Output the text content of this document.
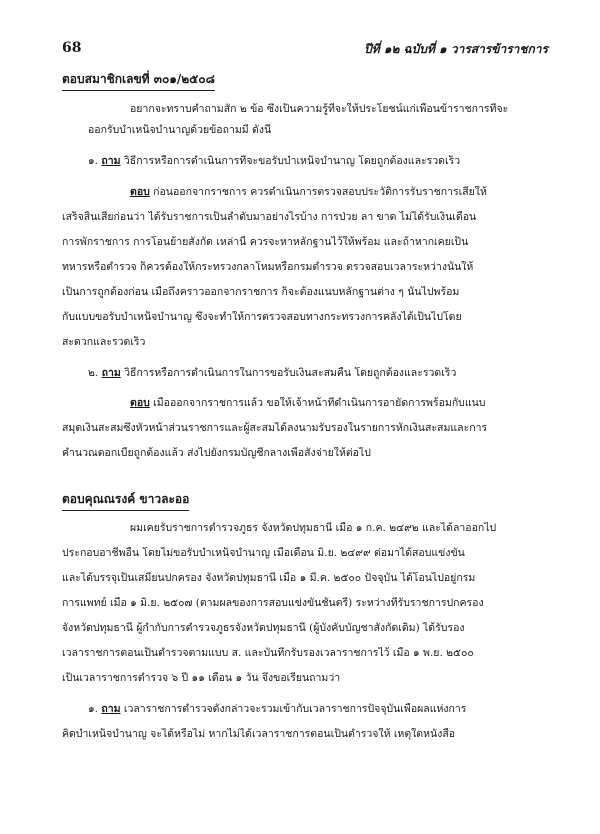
68	ปีที่ ๑๒ ฉบับที่ ๑ วารสารข้าราชการ
ตอบสมาชิกเลขที่ ๓๐๑/๒๕๐๘
อยากจะทราบคำถามสัก ๒ ข้อ ซึ่งเป็นความรู้ที่จะให้ประโยชน์แก่เพื่อนข้าราชการที่จะ
ออกรับบำเหน็จบำนาญด้วยข้อถามมี ดังนี้
๑. ถาม วิธีการหรือการดำเนินการที่จะขอรับบำเหน็จบำนาญ โดยถูกต้องและรวดเร็ว
ตอบ ก่อนออกจากราชการ ควรดำเนินการตรวจสอบประวัติการรับราชการเสียให้
เสร็จสิ้นเสียก่อนว่า ได้รับราชการเป็นลำดับมาอย่างไรบ้าง การป่วย ลา ขาด ไม่ได้รับเงินเดือน
การพักราชการ การโอนย้ายสังกัด เหล่านี้ ควรจะหาหลักฐานไว้ให้พร้อม และถ้าหากเคยเป็น
ทหารหรือตำรวจ ก็ควรต้องให้กระทรวงกลาโหมหรือกรมตำรวจ ตรวจสอบเวลาระหว่างนั้นให้
เป็นการถูกต้องก่อน เมื่อถึงคราวออกจากราชการ ก็จะต้องแนบหลักฐานต่าง ๆ นั้นไปพร้อม
กับแบบขอรับบำเหน็จบำนาญ ซึ่งจะทำให้การตรวจสอบทางกระทรวงการคลังได้เป็นไปโดย
สะดวกและรวดเร็ว
๒. ถาม วิธีการหรือการดำเนินการในการขอรับเงินสะสมคืน โดยถูกต้องและรวดเร็ว
ตอบ เมื่อออกจากราชการแล้ว ขอให้เจ้าหน้าที่ดำเนินการอายัดการพร้อมกับแนบ
สมุดเงินสะสมซึ่งหัวหน้าส่วนราชการและผู้สะสมได้ลงนามรับรองในรายการหักเงินสะสมและการ
คำนวณดอกเบี้ยถูกต้องแล้ว ส่งไปยังกรมบัญชีกลางเพื่อสั่งจ่ายให้ต่อไป
ตอบคุณณรงค์ ขาวละออ
ผมเคยรับราชการตำรวจภูธร จังหวัดปทุมธานี เมื่อ ๑ ก.ค. ๒๔๙๒ และได้ลาออกไป
ประกอบอาชีพอื่น โดยไม่ขอรับบำเหน็จบำนาญ เมื่อเดือน มิ.ย. ๒๔๙๙ ต่อมาได้สอบแข่งขัน
และได้บรรจุเป็นเสมียนปกครอง จังหวัดปทุมธานี เมื่อ ๑ มี.ค. ๒๕๐๐ ปัจจุบัน ได้โอนไปอยู่กรม
การแพทย์ เมื่อ ๑ มิ.ย. ๒๕๐๗ (ตามผลของการสอบแข่งขันชั้นตรี) ระหว่างที่รับราชการปกครอง
จังหวัดปทุมธานี ผู้กำกับการตำรวจภูธรจังหวัดปทุมธานี (ผู้บังคับบัญชาสังกัดเดิม) ได้รับรอง
เวลาราชการตอนเป็นตำรวจตามแบบ ส. และบันทึกรับรองเวลาราชการไว้ เมื่อ ๑ พ.ย. ๒๕๐๐
เป็นเวลาราชการตำรวจ ๖ ปี ๑๑ เดือน ๑ วัน จึงขอเรียนถามว่า
๑. ถาม เวลาราชการตำรวจดังกล่าวจะรวมเข้ากับเวลาราชการปัจจุบันเพื่อผลแห่งการ
คิดบำเหน็จบำนาญ จะได้หรือไม่ หากไม่ได้เวลาราชการตอนเป็นตำรวจให้ เหตุใดหนังสือ
